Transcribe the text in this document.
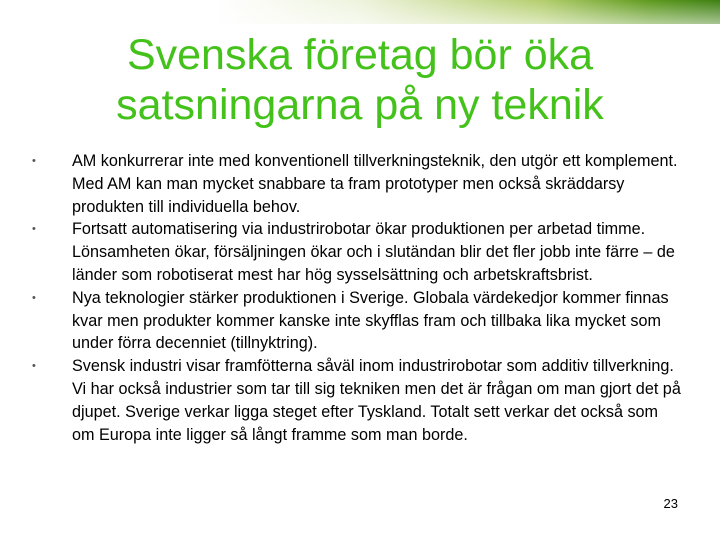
Svenska företag bör öka satsningarna på ny teknik
• AM konkurrerar inte med konventionell tillverkningsteknik, den utgör ett komplement. Med AM kan man mycket snabbare ta fram prototyper men också skräddarsy produkten till individuella behov.
• Fortsatt automatisering via industrirobotar ökar produktionen per arbetad timme. Lönsamheten ökar, försäljningen ökar och i slutändan blir det fler jobb inte färre – de länder som robotiserat mest har hög sysselsättning och arbetskraftsbrist.
• Nya teknologier stärker produktionen i Sverige. Globala värdekedjor kommer finnas kvar men produkter kommer kanske inte skyfflas fram och tillbaka lika mycket som under förra decenniet (tillnyktring).
• Svensk industri visar framfötterna såväl inom industrirobotar som additiv tillverkning. Vi har också industrier som tar till sig tekniken men det är frågan om man gjort det på djupet. Sverige verkar ligga steget efter Tyskland. Totalt sett verkar det också som om Europa inte ligger så långt framme som man borde.
23
